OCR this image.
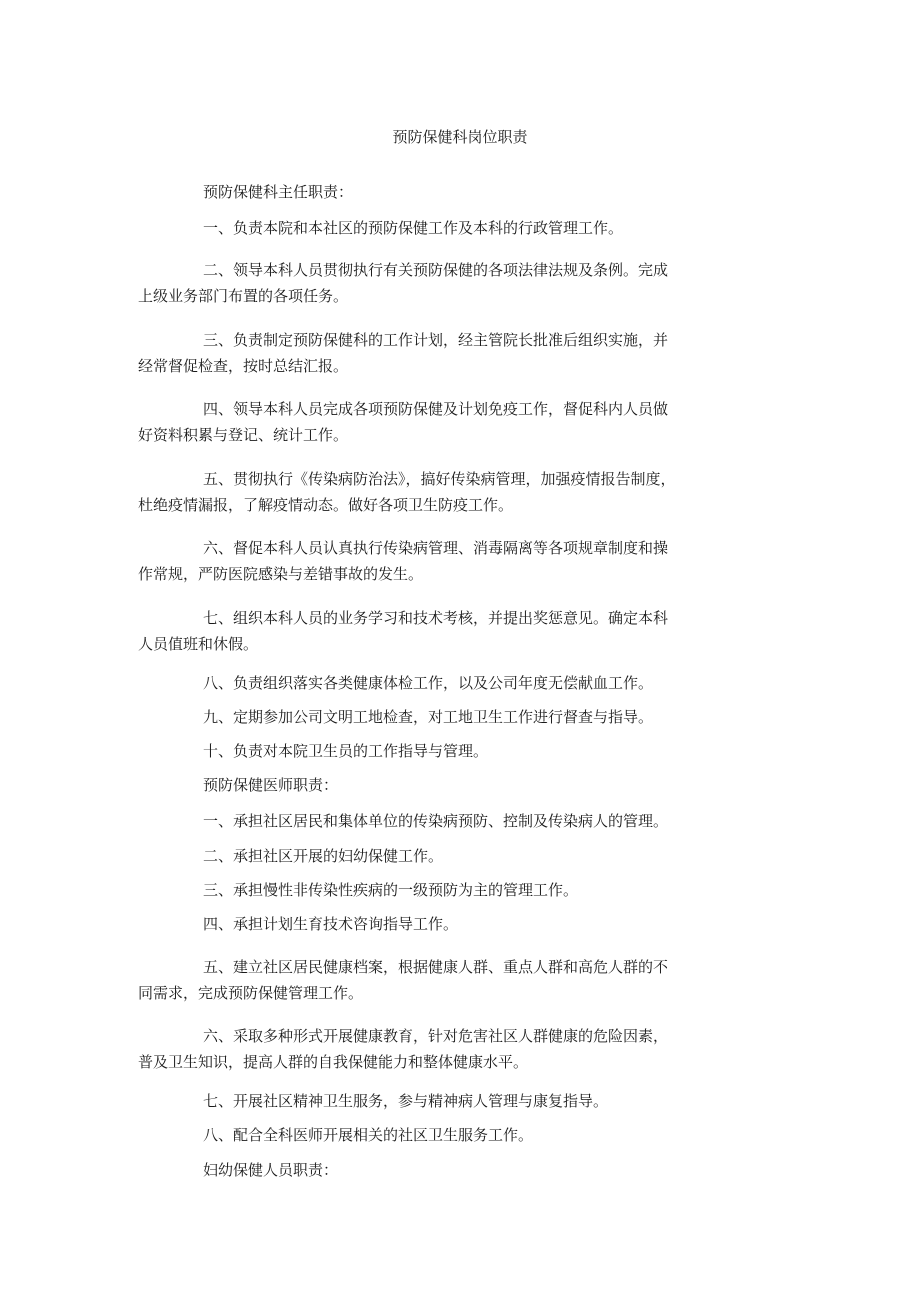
预防保健科岗位职责
预防保健科主任职责：
一、负责本院和本社区的预防保健工作及本科的行政管理工作。
二、领导本科人员贯彻执行有关预防保健的各项法律法规及条例。完成
上级业务部门布置的各项任务。
三、负责制定预防保健科的工作计划，经主管院长批准后组织实施，并
经常督促检查，按时总结汇报。
四、领导本科人员完成各项预防保健及计划免疫工作，督促科内人员做
好资料积累与登记、统计工作。
五、贯彻执行《传染病防治法》，搞好传染病管理，加强疫情报告制度，
杜绝疫情漏报，了解疫情动态。做好各项卫生防疫工作。
六、督促本科人员认真执行传染病管理、消毒隔离等各项规章制度和操
作常规，严防医院感染与差错事故的发生。
七、组织本科人员的业务学习和技术考核，并提出奖惩意见。确定本科
人员值班和休假。
八、负责组织落实各类健康体检工作，以及公司年度无偿献血工作。
九、定期参加公司文明工地检查，对工地卫生工作进行督查与指导。
十、负责对本院卫生员的工作指导与管理。
预防保健医师职责：
一、承担社区居民和集体单位的传染病预防、控制及传染病人的管理。
二、承担社区开展的妇幼保健工作。
三、承担慢性非传染性疾病的一级预防为主的管理工作。
四、承担计划生育技术咨询指导工作。
五、建立社区居民健康档案，根据健康人群、重点人群和高危人群的不
同需求，完成预防保健管理工作。
六、采取多种形式开展健康教育，针对危害社区人群健康的危险因素，
普及卫生知识，提高人群的自我保健能力和整体健康水平。
七、开展社区精神卫生服务，参与精神病人管理与康复指导。
八、配合全科医师开展相关的社区卫生服务工作。
妇幼保健人员职责：
